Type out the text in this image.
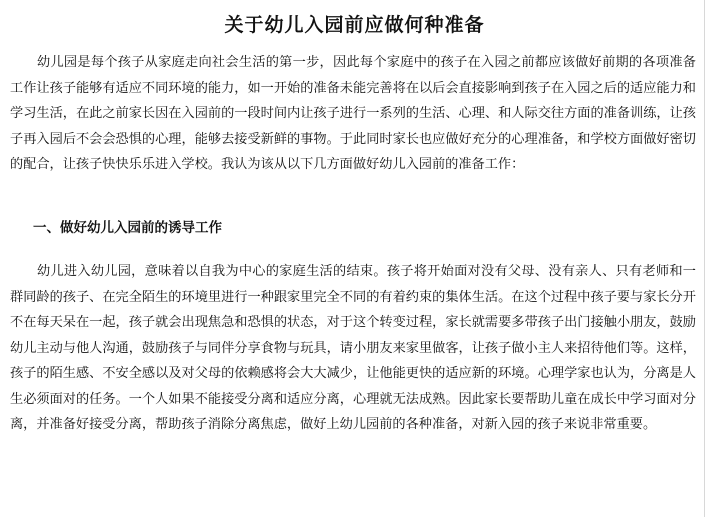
关于幼儿入园前应做何种准备

幼儿园是每个孩子从家庭走向社会生活的第一步，因此每个家庭中的孩子在入园之前都应该做好前期的各项准备工作让孩子能够有适应不同环境的能力，如一开始的准备未能完善将在以后会直接影响到孩子在入园之后的适应能力和学习生活，在此之前家长因在入园前的一段时间内让孩子进行一系列的生活、心理、和人际交往方面的准备训练，让孩子再入园后不会会恐惧的心理，能够去接受新鲜的事物。于此同时家长也应做好充分的心理准备，和学校方面做好密切的配合，让孩子快快乐乐进入学校。我认为该从以下几方面做好幼儿入园前的准备工作：

一、做好幼儿入园前的诱导工作

幼儿进入幼儿园，意味着以自我为中心的家庭生活的结束。孩子将开始面对没有父母、没有亲人、只有老师和一群同龄的孩子、在完全陌生的环境里进行一种跟家里完全不同的有着约束的集体生活。在这个过程中孩子要与家长分开不在每天呆在一起，孩子就会出现焦急和恐惧的状态，对于这个转变过程，家长就需要多带孩子出门接触小朋友，鼓励幼儿主动与他人沟通，鼓励孩子与同伴分享食物与玩具，请小朋友来家里做客，让孩子做小主人来招待他们等。这样，孩子的陌生感、不安全感以及对父母的依赖感将会大大减少，让他能更快的适应新的环境。心理学家也认为，分离是人生必须面对的任务。一个人如果不能接受分离和适应分离，心理就无法成熟。因此家长要帮助儿童在成长中学习面对分离，并准备好接受分离，帮助孩子消除分离焦虑，做好上幼儿园前的各种准备，对新入园的孩子来说非常重要。
